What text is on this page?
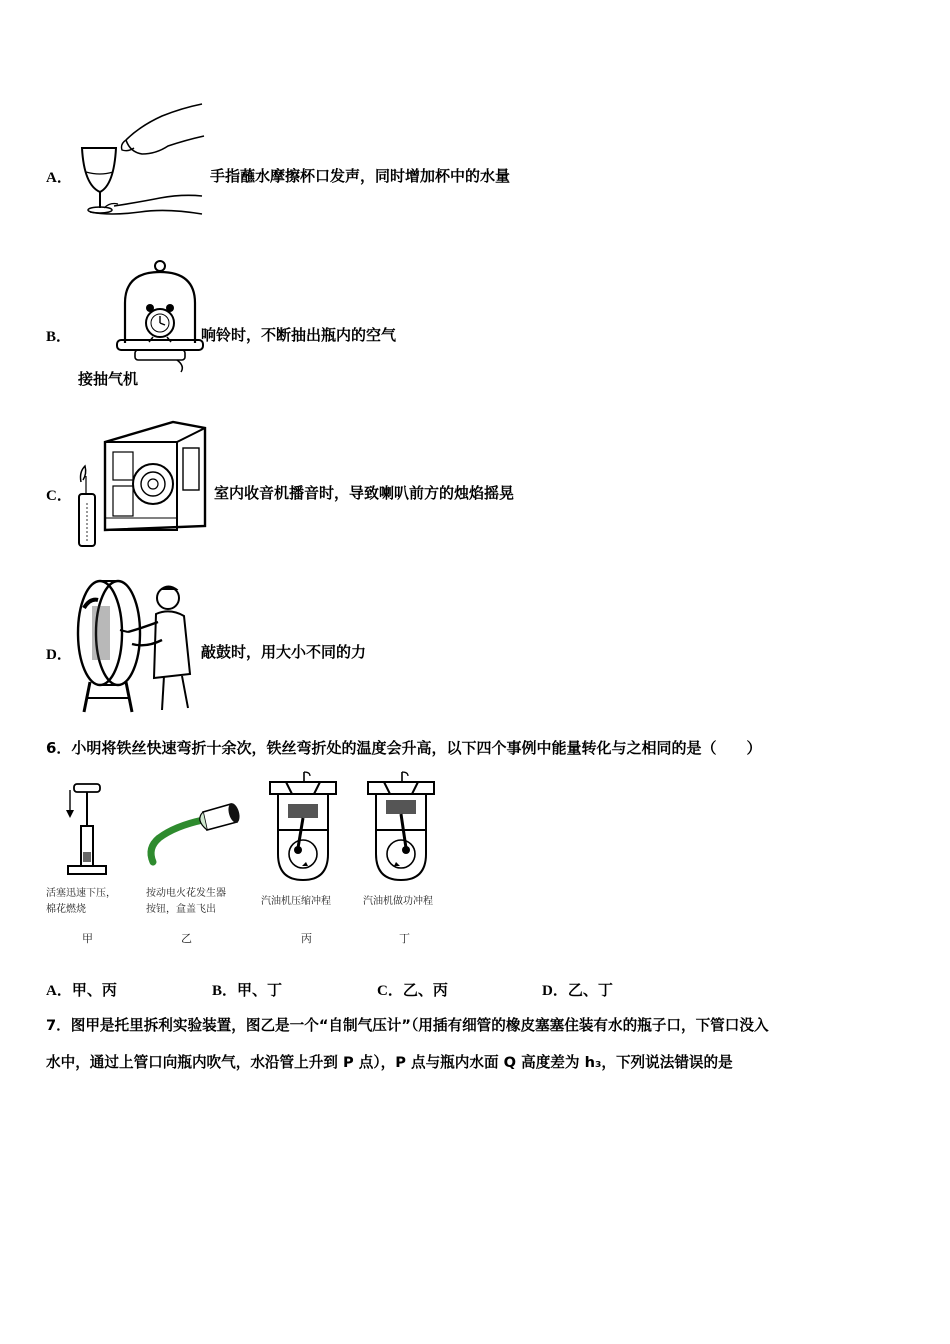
A．	手指蘸水摩擦杯口发声，同时增加杯中的水量
B．
接抽气机
响铃时，不断抽出瓶内的空气
C．	室内收音机播音时，导致喇叭前方的烛焰摇晃
D．	敲鼓时，用大小不同的力
6．小明将铁丝快速弯折十余次，铁丝弯折处的温度会升高，以下四个事例中能量转化与之相同的是（　　）
活塞迅速下压，
棉花燃烧
甲
按动电火花发生器
按钮，盒盖飞出
乙
汽油机压缩冲程
丙
汽油机做功冲程
丁
A．甲、丙	B．甲、丁	C．乙、丙	D．乙、丁
7．图甲是托里拆利实验装置，图乙是一个“自制气压计”（用插有细管的橡皮塞塞住装有水的瓶子口，下管口没入
水中，通过上管口向瓶内吹气，水沿管上升到 P 点），P 点与瓶内水面 Q 高度差为 h₃，下列说法错误的是
